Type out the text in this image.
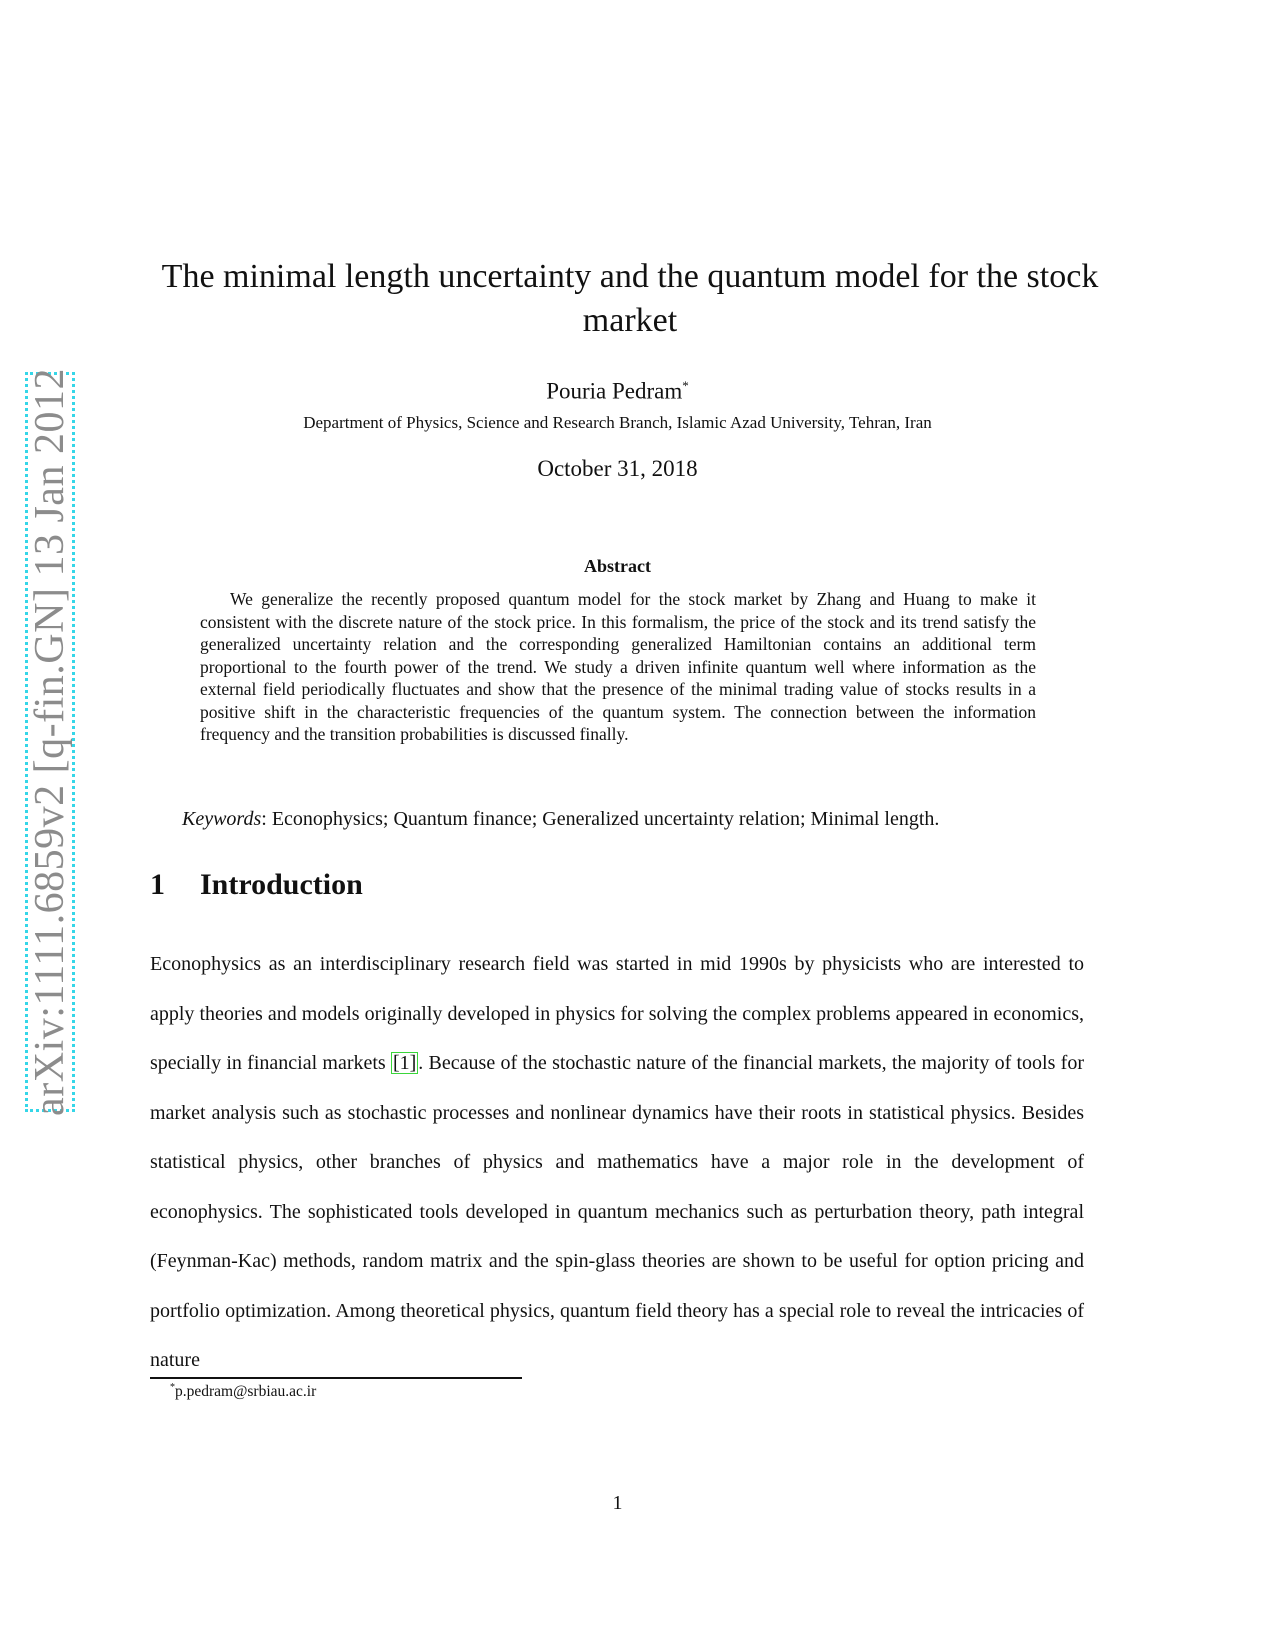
arXiv:1111.6859v2 [q-fin.GN] 13 Jan 2012
The minimal length uncertainty and the quantum model for the stock market
Pouria Pedram*
Department of Physics, Science and Research Branch, Islamic Azad University, Tehran, Iran
October 31, 2018
Abstract

We generalize the recently proposed quantum model for the stock market by Zhang and Huang to make it consistent with the discrete nature of the stock price. In this formalism, the price of the stock and its trend satisfy the generalized uncertainty relation and the corresponding generalized Hamiltonian contains an additional term proportional to the fourth power of the trend. We study a driven infinite quantum well where information as the external field periodically fluctuates and show that the presence of the minimal trading value of stocks results in a positive shift in the characteristic frequencies of the quantum system. The connection between the information frequency and the transition probabilities is discussed finally.

Keywords: Econophysics; Quantum finance; Generalized uncertainty relation; Minimal length.
1 Introduction

Econophysics as an interdisciplinary research field was started in mid 1990s by physicists who are interested to apply theories and models originally developed in physics for solving the complex problems appeared in economics, specially in financial markets [1] . Because of the stochastic nature of the financial markets, the majority of tools for market analysis such as stochastic processes and nonlinear dynamics have their roots in statistical physics. Besides statistical physics, other branches of physics and mathematics have a major role in the development of econophysics. The sophisticated tools developed in quantum mechanics such as perturbation theory, path integral (Feynman-Kac) methods, random matrix and the spin-glass theories are shown to be useful for option pricing and portfolio optimization. Among theoretical physics, quantum field theory has a special role to reveal the intricacies of nature

*p.pedram@srbiau.ac.ir
1
